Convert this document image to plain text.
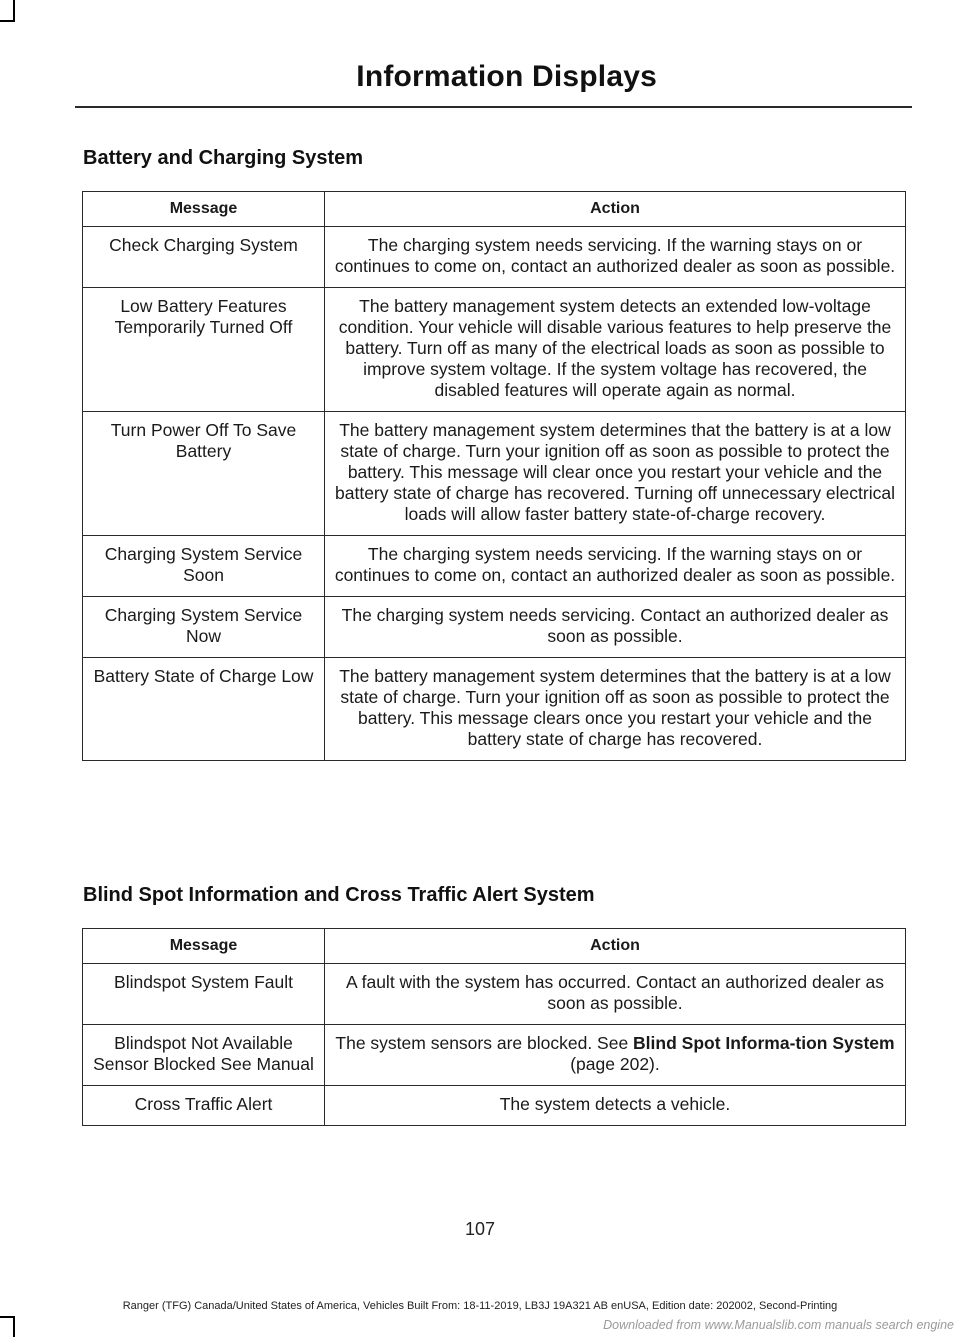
Information Displays
Battery and Charging System
Message	Action
Check Charging System	The charging system needs servicing. If the warning stays on or continues to come on, contact an authorized dealer as soon as possible.
Low Battery Features Temporarily Turned Off	The battery management system detects an extended low-voltage condition. Your vehicle will disable various features to help preserve the battery. Turn off as many of the electrical loads as soon as possible to improve system voltage. If the system voltage has recovered, the disabled features will operate again as normal.
Turn Power Off To Save Battery	The battery management system determines that the battery is at a low state of charge. Turn your ignition off as soon as possible to protect the battery. This message will clear once you restart your vehicle and the battery state of charge has recovered. Turning off unnecessary electrical loads will allow faster battery state-of-charge recovery.
Charging System Service Soon	The charging system needs servicing. If the warning stays on or continues to come on, contact an authorized dealer as soon as possible.
Charging System Service Now	The charging system needs servicing. Contact an authorized dealer as soon as possible.
Battery State of Charge Low	The battery management system determines that the battery is at a low state of charge. Turn your ignition off as soon as possible to protect the battery. This message clears once you restart your vehicle and the battery state of charge has recovered.
Blind Spot Information and Cross Traffic Alert System
Message	Action
Blindspot System Fault	A fault with the system has occurred. Contact an authorized dealer as soon as possible.
Blindspot Not Available Sensor Blocked See Manual	The system sensors are blocked. See Blind Spot Informa-tion System (page 202).
Cross Traffic Alert	The system detects a vehicle.
107
Ranger (TFG) Canada/United States of America, Vehicles Built From: 18-11-2019, LB3J 19A321 AB enUSA, Edition date: 202002, Second-Printing
Downloaded from www.Manualslib.com manuals search engine
